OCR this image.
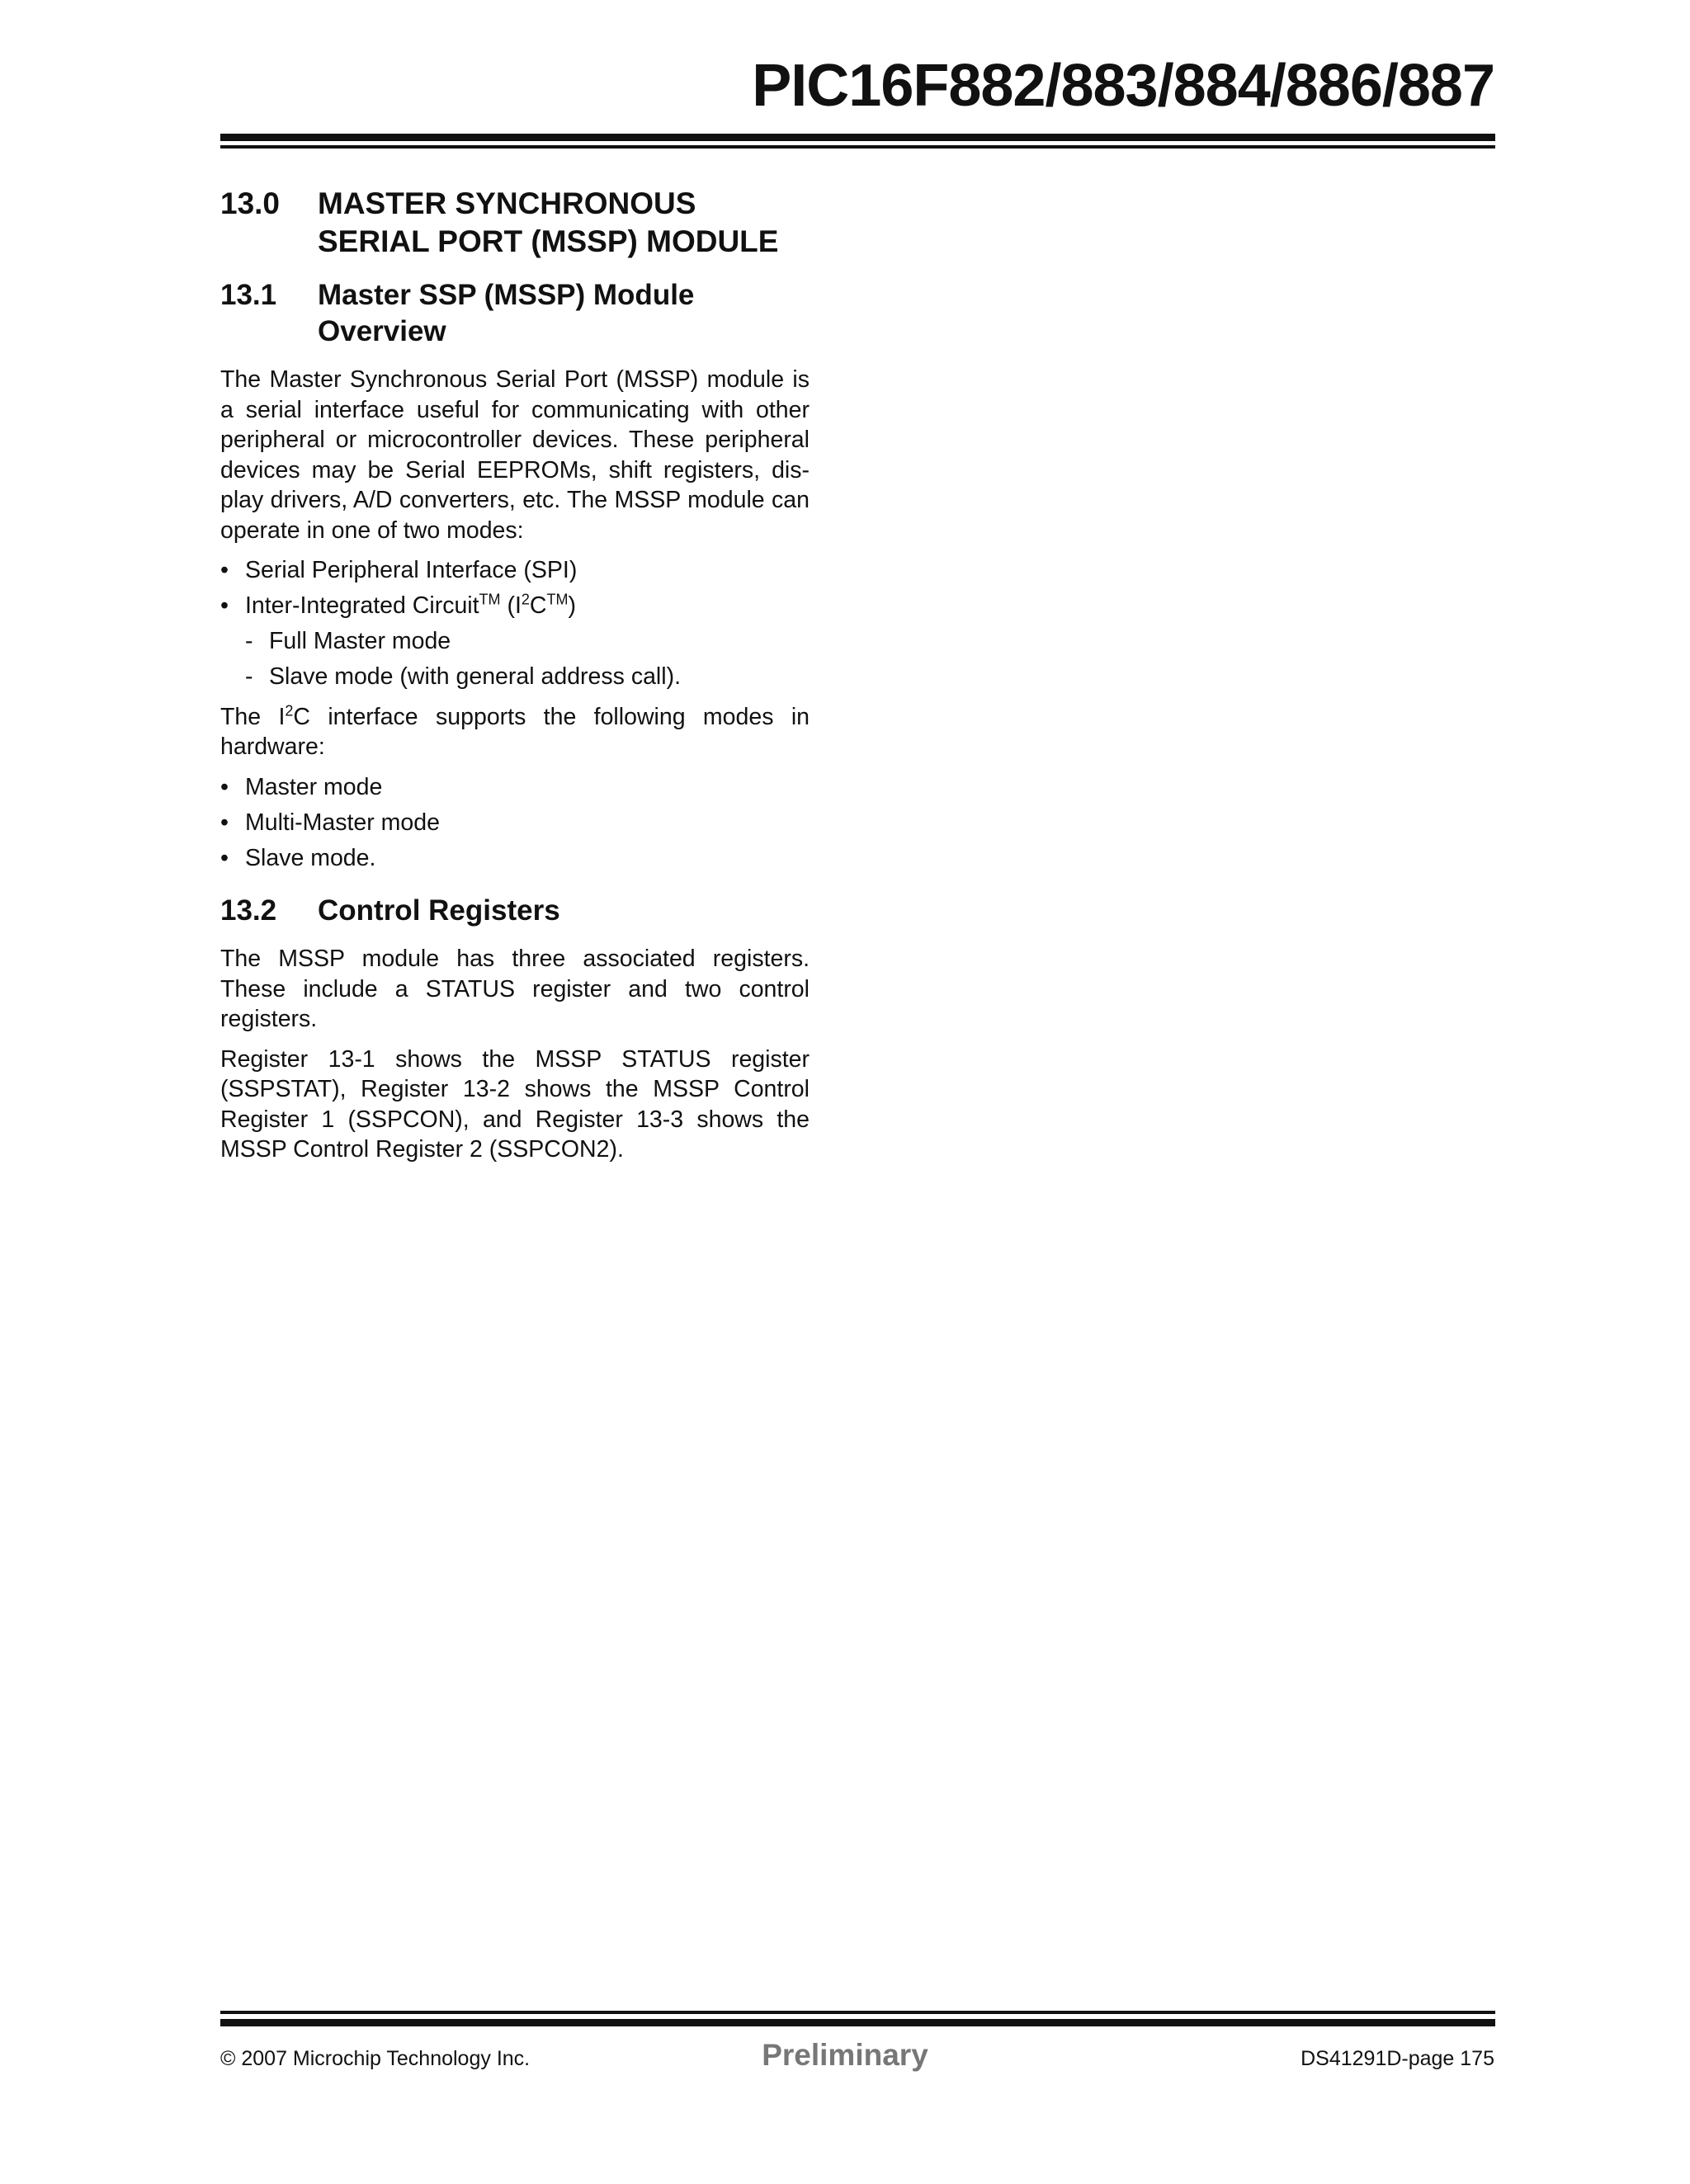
PIC16F882/883/884/886/887
13.0	MASTER SYNCHRONOUS SERIAL PORT (MSSP) MODULE
13.1	Master SSP (MSSP) Module Overview

The Master Synchronous Serial Port (MSSP) module is a serial interface useful for communicating with other peripheral or microcontroller devices. These peripheral devices may be Serial EEPROMs, shift registers, dis- play drivers, A/D converters, etc. The MSSP module can operate in one of two modes:

• Serial Peripheral Interface (SPI)
• Inter-Integrated Circuit™ $(I^2C™)$
- Full Master mode
- Slave mode (with general address call).

The $I^2C$ interface supports the following modes in hardware:

• Master mode
• Multi-Master mode
• Slave mode.
13.2	Control Registers

The MSSP module has three associated registers. These include a STATUS register and two control registers.

Register 13-1 shows the MSSP STATUS register (SSPSTAT), Register 13-2 shows the MSSP Control Register 1 (SSPCON), and Register 13-3 shows the MSSP Control Register 2 (SSPCON2).

© 2007 Microchip Technology Inc.	Preliminary	DS41291D-page 175
